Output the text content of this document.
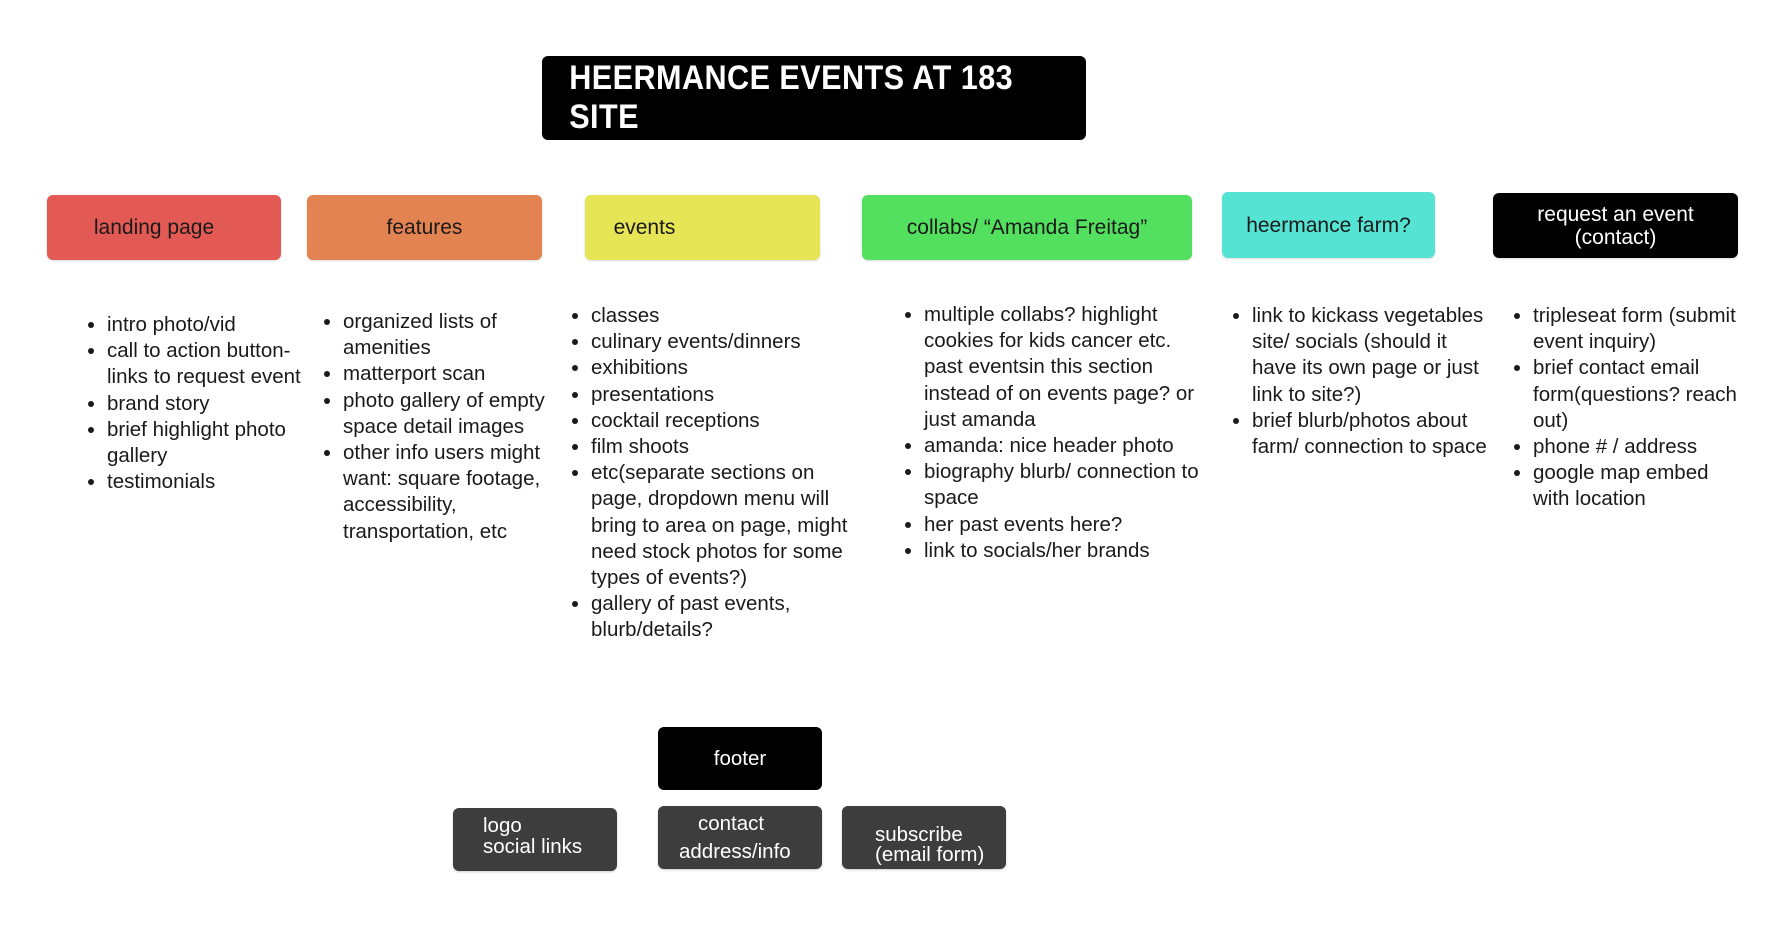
HEERMANCE EVENTS AT 183 SITE
landing page
• intro photo/vid
• call to action button-links to request event
• brand story
• brief highlight photo gallery
• testimonials
features
• organized lists of amenities
• matterport scan
• photo gallery of empty space detail images
• other info users might want: square footage, accessibility, transportation, etc
events
• classes
• culinary events/dinners
• exhibitions
• presentations
• cocktail receptions
• film shoots
• etc(separate sections on page, dropdown menu will bring to area on page, might need stock photos for some types of events?)
• gallery of past events, blurb/details?
collabs/ “Amanda Freitag”
• multiple collabs? highlight cookies for kids cancer etc. past eventsin this section instead of on events page? or just amanda
• amanda: nice header photo
• biography blurb/ connection to space
• her past events here?
• link to socials/her brands
heermance farm?
• link to kickass vegetables site/ socials (should it have its own page or just link to site?)
• brief blurb/photos about farm/ connection to space
request an event
(contact)
• tripleseat form (submit event inquiry)
• brief contact email form(questions? reach out)
• phone # / address
• google map embed with location
footer
logo
social links
contact
address/info
subscribe
(email form)
